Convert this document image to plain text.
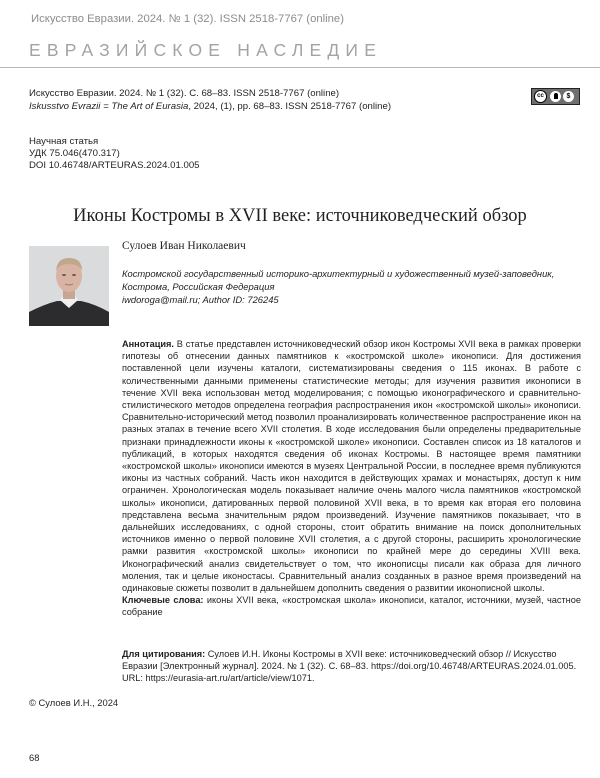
Искусство Евразии. 2024. № 1 (32). ISSN 2518-7767 (online)
ЕВРАЗИЙСКОЕ НАСЛЕДИЕ
Искусство Евразии. 2024. № 1 (32). С. 68–83. ISSN 2518-7767 (online)
Iskusstvo Evrazii = The Art of Eurasia, 2024, (1), pp. 68–83. ISSN 2518-7767 (online)
cc	$
Научная статья
УДК 75.046(470.317)
DOI 10.46748/ARTEURAS.2024.01.005
Иконы Костромы в XVII веке: источниковедческий обзор
Сулоев Иван Николаевич
Костромской государственный историко-архитектурный и художественный музей-заповедник,
Кострома, Российская Федерация
iwdoroga@mail.ru; Author ID: 726245

Аннотация. В статье представлен источниковедческий обзор икон Костромы XVII века в рамках проверки гипотезы об отнесении данных памятников к «костромской школе» иконописи. Для достижения поставленной цели изучены каталоги, систематизированы сведения о 115 иконах. В работе с количественными данными применены статистические методы; для изучения развития иконописи в течение XVII века использован метод моделирования; с помощью иконографического и сравнительно-стилистического методов определена география распространения икон «костромской школы» иконописи. Сравнительно-исторический метод позволил проанализировать количественное распространение икон на разных этапах в течение всего XVII столетия. В ходе исследования были определены предварительные признаки принадлежности иконы к «костромской школе» иконописи. Составлен список из 18 каталогов и публикаций, в которых находятся сведения об иконах Костромы. В настоящее время памятники «костромской школы» иконописи имеются в музеях Центральной России, в последнее время публикуются иконы из частных собраний. Часть икон находится в действующих храмах и монастырях, доступ к ним ограничен. Хронологическая модель показывает наличие очень малого числа памятников «костромской школы» иконописи, датированных первой половиной XVII века, в то время как вторая его половина представлена весьма значительным рядом произведений. Изучение памятников показывает, что в дальнейших исследованиях, с одной стороны, стоит обратить внимание на поиск дополнительных источников именно о первой половине XVII столетия, а с другой стороны, расширить хронологические рамки развития «костромской школы» иконописи по крайней мере до середины XVIII века. Иконографический анализ свидетельствует о том, что иконописцы писали как образа для личного моления, так и целые иконостасы. Сравнительный анализ созданных в разное время произведений на одинаковые сюжеты позволит в дальнейшем дополнить сведения о развитии иконописной школы.

Ключевые слова: иконы XVII века, «костромская школа» иконописи, каталог, источники, музей, частное собрание

Для цитирования: Сулоев И.Н. Иконы Костромы в XVII веке: источниковедческий обзор // Искусство Евразии [Электронный журнал]. 2024. № 1 (32). С. 68–83. https://doi.org/10.46748/ARTEURAS.2024.01.005. URL: https://eurasia-art.ru/art/article/view/1071.

© Сулоев И.Н., 2024
68
